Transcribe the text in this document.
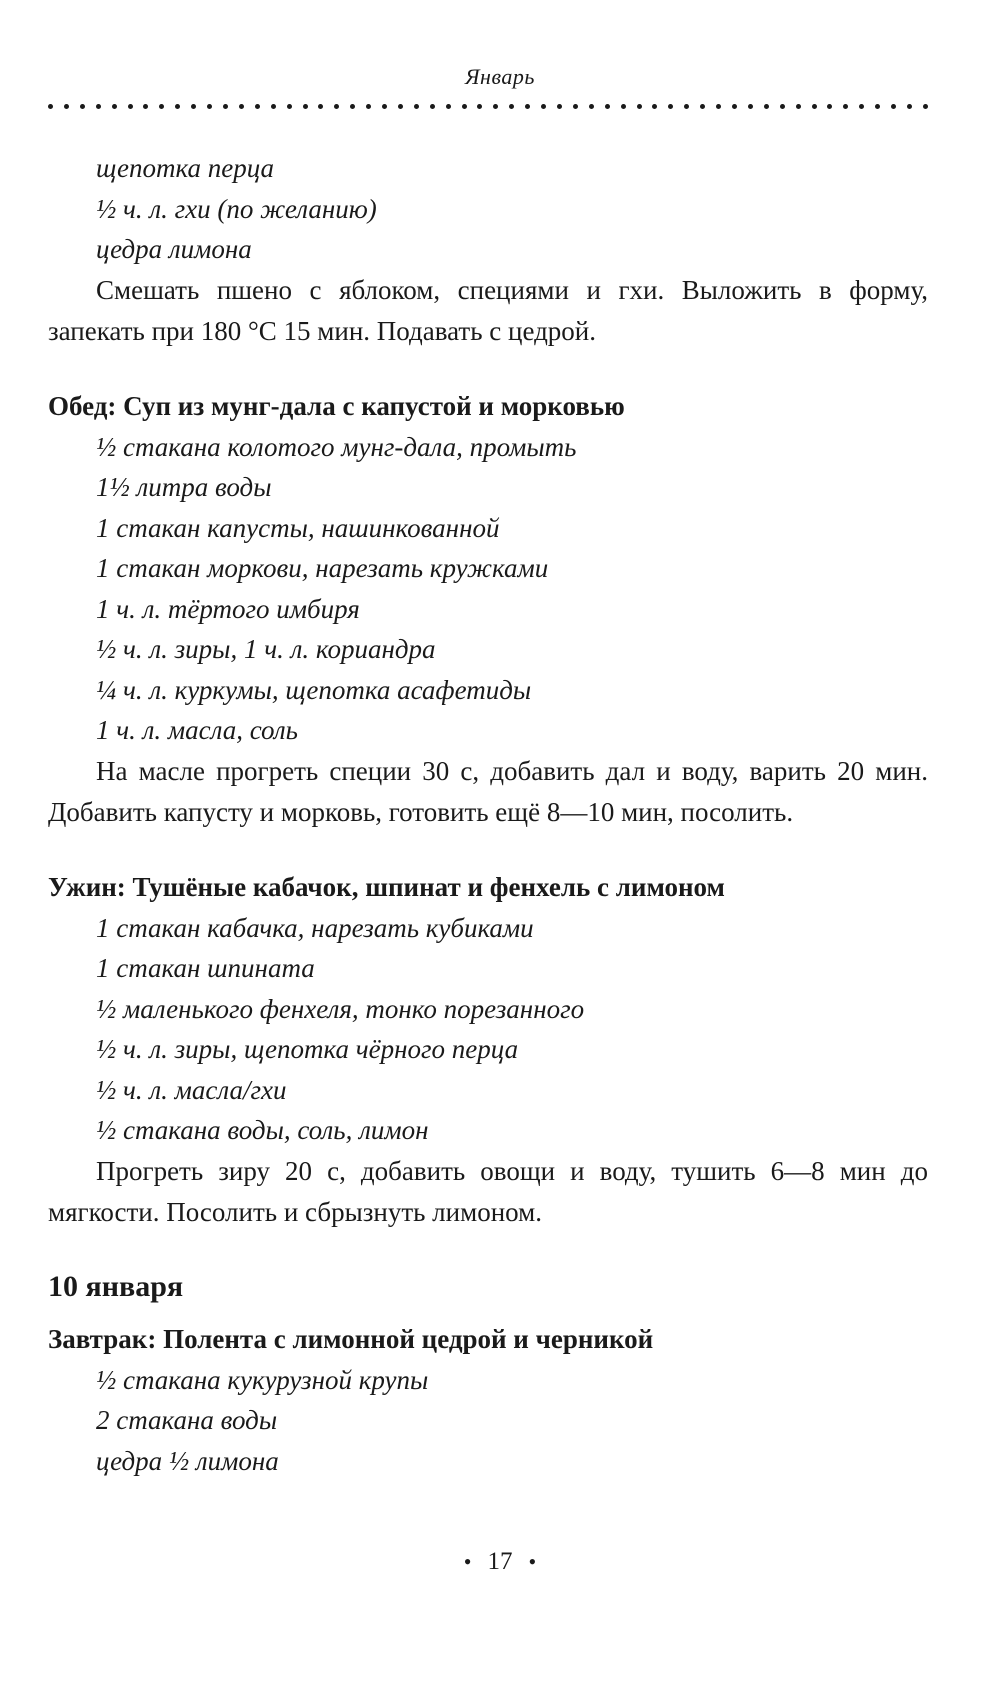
Январь

щепотка перца

½ ч. л. гхи (по желанию)

цедра лимона

Смешать пшено с яблоком, специями и гхи. Выложить в форму, запекать при 180 °С 15 мин. Подавать с цедрой.

Обед: Суп из мунг-дала с капустой и морковью

½ стакана колотого мунг-дала, промыть

1½ литра воды

1 стакан капусты, нашинкованной

1 стакан моркови, нарезать кружками

1 ч. л. тёртого имбиря

½ ч. л. зиры, 1 ч. л. кориандра

¼ ч. л. куркумы, щепотка асафетиды

1 ч. л. масла, соль

На масле прогреть специи 30 с, добавить дал и воду, варить 20 мин. Добавить капусту и морковь, готовить ещё 8—10 мин, посолить.

Ужин: Тушёные кабачок, шпинат и фенхель с лимоном

1 стакан кабачка, нарезать кубиками

1 стакан шпината

½ маленького фенхеля, тонко порезанного

½ ч. л. зиры, щепотка чёрного перца

½ ч. л. масла/гхи

½ стакана воды, соль, лимон

Прогреть зиру 20 с, добавить овощи и воду, тушить 6—8 мин до мягкости. Посолить и сбрызнуть лимоном.

10 января

Завтрак: Полента с лимонной цедрой и черникой

½ стакана кукурузной крупы

2 стакана воды

цедра ½ лимона

• 17 •
